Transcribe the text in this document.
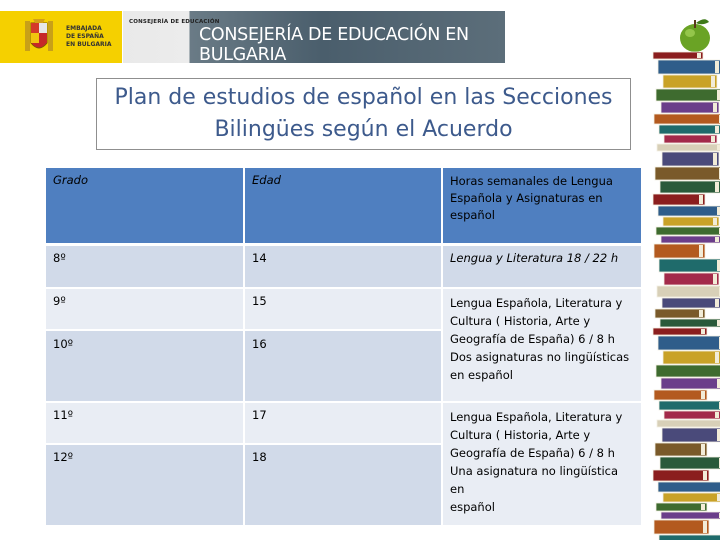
EMBAJADA
DE ESPAÑA
EN BULGARIA
CONSEJERÍA DE EDUCACIÓN
CONSEJERÍA DE EDUCACIÓN EN BULGARIA
Plan de estudios de español en las Secciones
Bilingües según el Acuerdo
Grado	Edad	Horas semanales de Lengua Española y Asignaturas en español
8º	14	Lengua y Literatura 18 / 22 h
9º	15	Lengua Española, Literatura y
Cultura ( Historia, Arte y
Geografía de España) 6 / 8 h
Dos asignaturas no lingüísticas
en español

10º	16	
11º	17	Lengua Española, Literatura y
Cultura ( Historia, Arte y
Geografía de España) 6 / 8 h
Una asignatura no lingüística en
español

12º	18	
